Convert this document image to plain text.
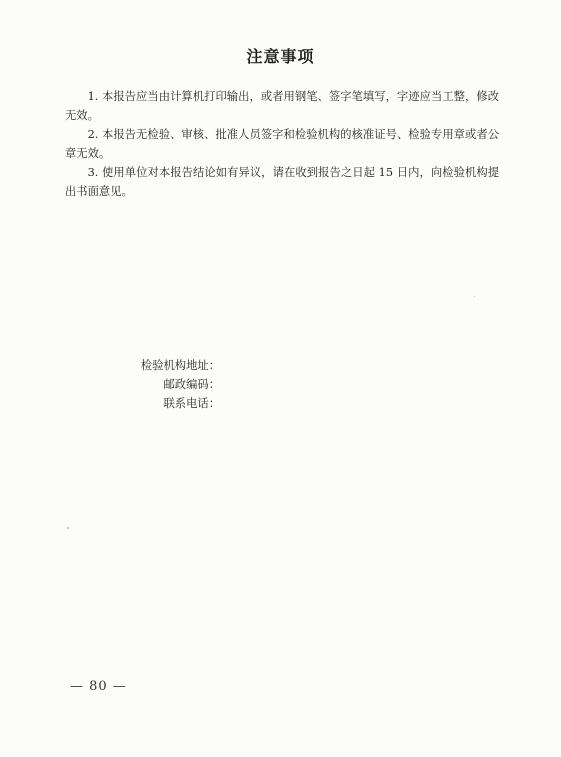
注意事项

1. 本报告应当由计算机打印输出，或者用钢笔、签字笔填写，字迹应当工整，修改无效。

2. 本报告无检验、审核、批准人员签字和检验机构的核准证号、检验专用章或者公章无效。

3. 使用单位对本报告结论如有异议，请在收到报告之日起 15 日内，向检验机构提出书面意见。

检验机构地址：
邮政编码：
联系电话：
— 80 —
